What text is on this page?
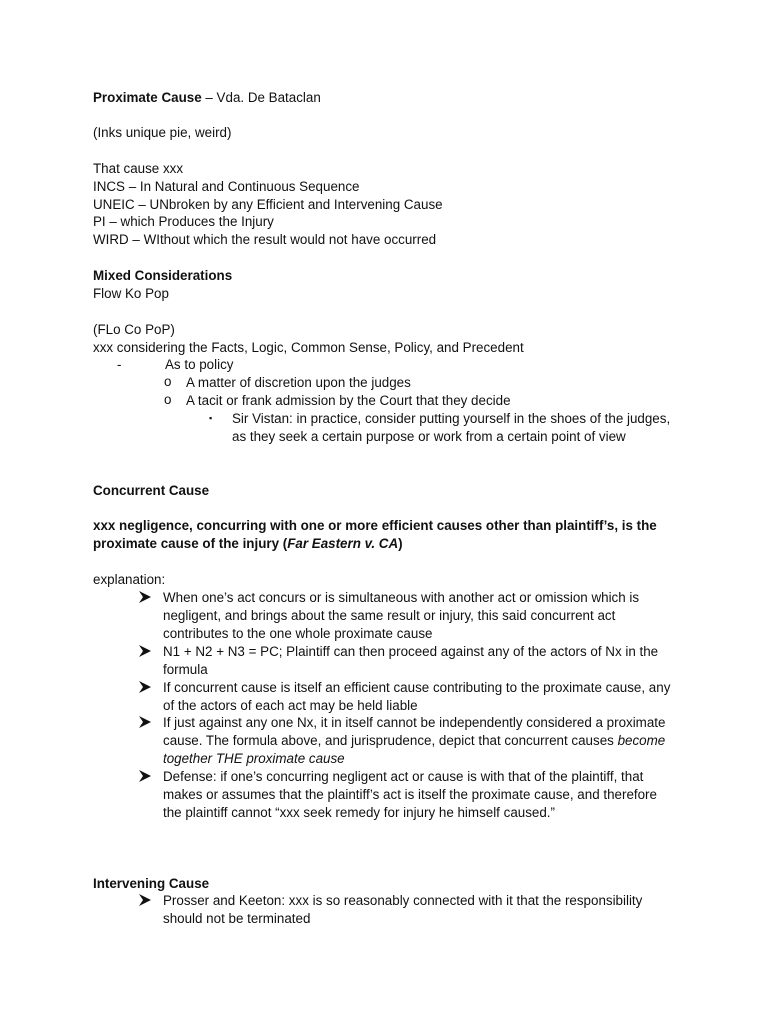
Proximate Cause – Vda. De Bataclan
(Inks unique pie, weird)
That cause xxx
INCS – In Natural and Continuous Sequence
UNEIC – UNbroken by any Efficient and Intervening Cause
PI – which Produces the Injury
WIRD – WIthout which the result would not have occurred
Mixed Considerations
Flow Ko Pop
(FLo Co PoP)
xxx considering the Facts, Logic, Common Sense, Policy, and Precedent
-	As to policy
o A matter of discretion upon the judges
o A tacit or frank admission by the Court that they decide
▪ Sir Vistan: in practice, consider putting yourself in the shoes of the judges, as they seek a certain purpose or work from a certain point of view
Concurrent Cause
xxx negligence, concurring with one or more efficient causes other than plaintiff’s, is the proximate cause of the injury (Far Eastern v. CA)
explanation:
When one’s act concurs or is simultaneous with another act or omission which is negligent, and brings about the same result or injury, this said concurrent act contributes to the one whole proximate cause
N1 + N2 + N3 = PC; Plaintiff can then proceed against any of the actors of Nx in the formula
If concurrent cause is itself an efficient cause contributing to the proximate cause, any of the actors of each act may be held liable
If just against any one Nx, it in itself cannot be independently considered a proximate cause. The formula above, and jurisprudence, depict that concurrent causes become together THE proximate cause
Defense: if one’s concurring negligent act or cause is with that of the plaintiff, that makes or assumes that the plaintiff’s act is itself the proximate cause, and therefore the plaintiff cannot “xxx seek remedy for injury he himself caused.”
Intervening Cause
Prosser and Keeton: xxx is so reasonably connected with it that the responsibility should not be terminated
